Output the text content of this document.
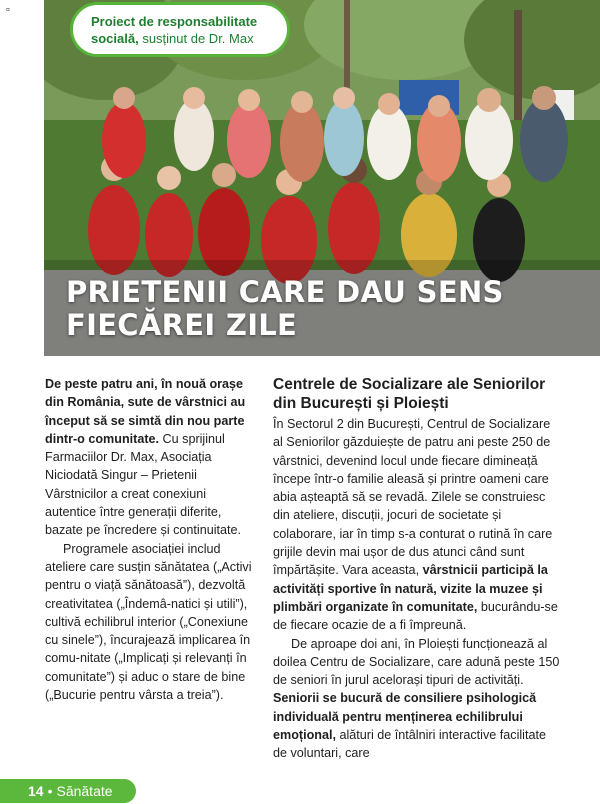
¤
PRIETENII CARE DAU SENS
FIECĂREI ZILE
Proiect de responsabilitate socială, susținut de Dr. Max

De peste patru ani, în nouă orașe din România, sute de vârstnici au început să se simtă din nou parte dintr-o comunitate. Cu sprijinul Farmaciilor Dr. Max, Asociația Niciodată Singur – Prietenii Vârstnicilor a creat conexiuni autentice între generații diferite, bazate pe încredere și continuitate.

Programele asociației includ ateliere care susțin sănătatea („Activi pentru o viață sănătoasă”), dezvoltă creativitatea („Îndemâ-natici și utili”), cultivă echilibrul interior („Conexiune cu sinele”), încurajează implicarea în comu-nitate („Implicați și relevanți în comunitate”) și aduc o stare de bine („Bucurie pentru vârsta a treia”).

Centrele de Socializare ale Seniorilor din București și Ploiești

În Sectorul 2 din București, Centrul de Socializare al Seniorilor găzduiește de patru ani peste 250 de vârstnici, devenind locul unde fiecare dimineață începe într-o familie aleasă și printre oameni care abia așteaptă să se revadă. Zilele se construiesc din ateliere, discuții, jocuri de societate și colaborare, iar în timp s-a conturat o rutină în care grijile devin mai ușor de dus atunci când sunt împărtășite. Vara aceasta, vârstnicii participă la activități sportive în natură, vizite la muzee și plimbări organizate în comunitate, bucurându-se de fiecare ocazie de a fi împreună.

De aproape doi ani, în Ploiești funcționează al doilea Centru de Socializare, care adună peste 150 de seniori în jurul acelorași tipuri de activități. Seniorii se bucură de consiliere psihologică individuală pentru menținerea echilibrului emoțional, alături de întâlniri interactive facilitate de voluntari, care

14 • Sănătate
